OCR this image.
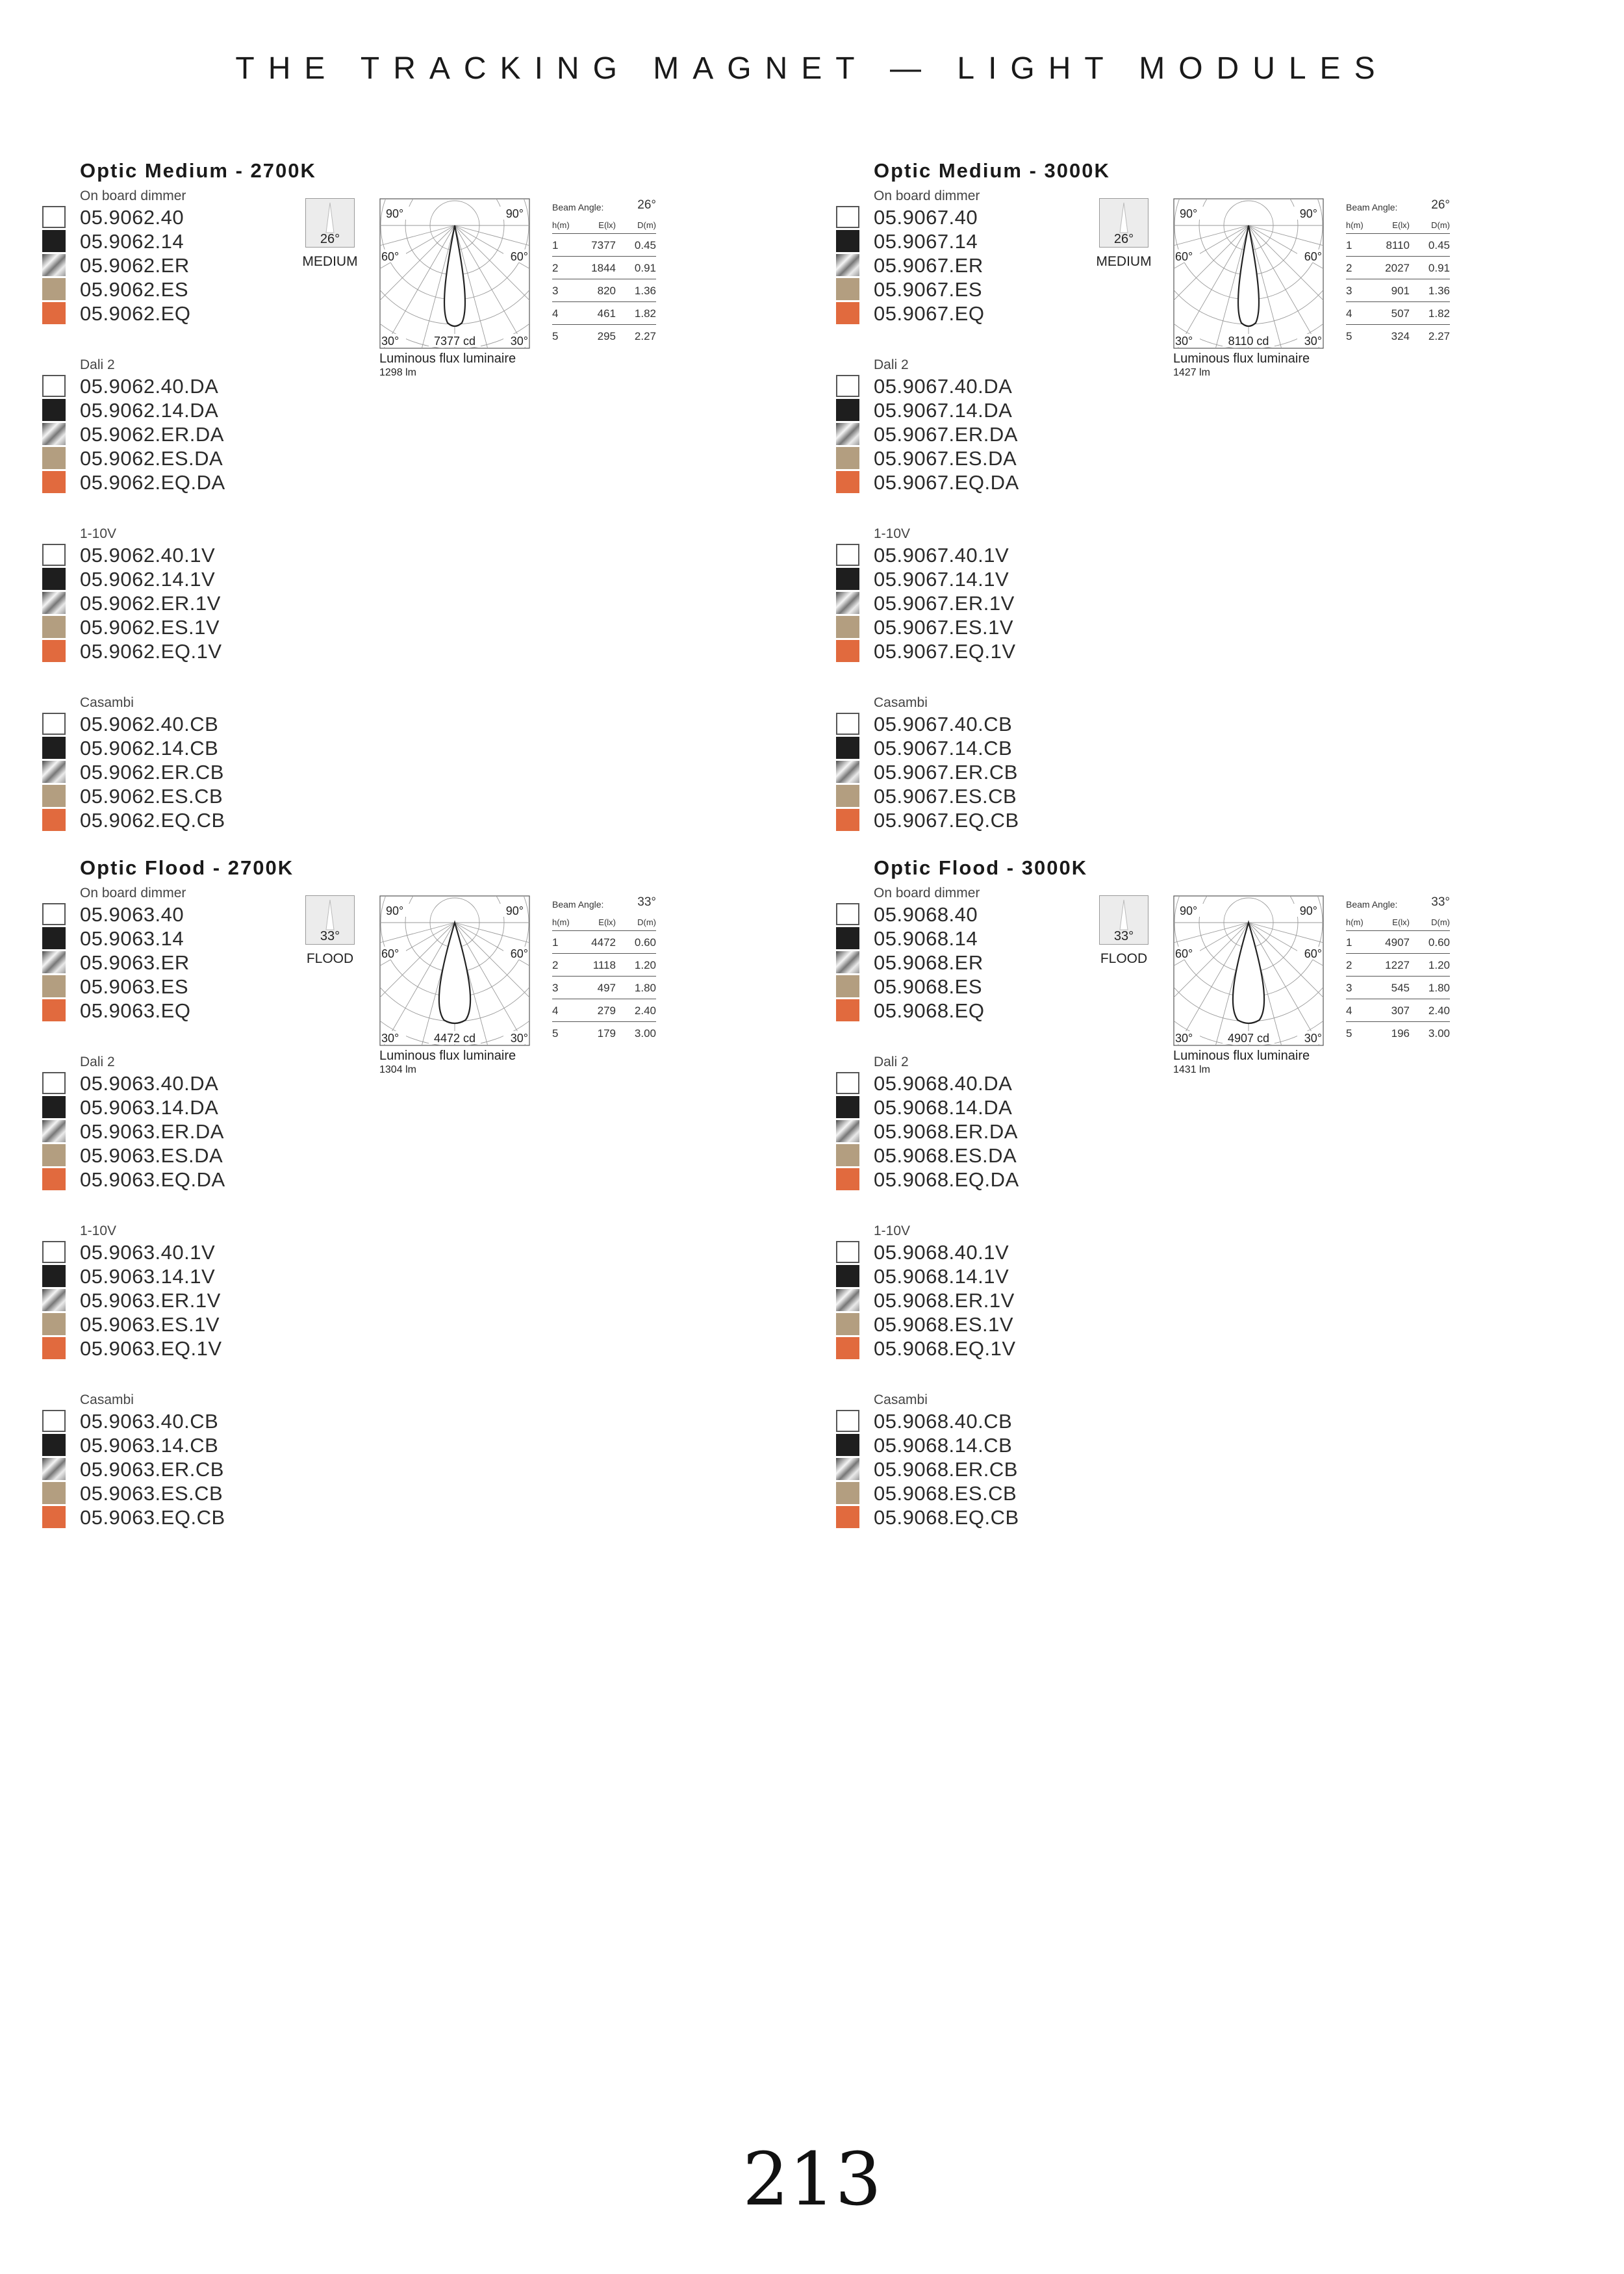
THE TRACKING MAGNET — LIGHT MODULES
Optic Medium - 2700K
On board dimmer
05.9062.40
05.9062.14
05.9062.ER
05.9062.ES
05.9062.EQ
Dali 2
05.9062.40.DA
05.9062.14.DA
05.9062.ER.DA
05.9062.ES.DA
05.9062.EQ.DA
1-10V
05.9062.40.1V
05.9062.14.1V
05.9062.ER.1V
05.9062.ES.1V
05.9062.EQ.1V
Casambi
05.9062.40.CB
05.9062.14.CB
05.9062.ER.CB
05.9062.ES.CB
05.9062.EQ.CB
26°
MEDIUM
90°	90°
60°	60°
30°	30°
7377 cd
Luminous flux luminaire
1298 lm
Beam Angle:	26°
h(m)	E(lx)	D(m)
1	7377 0.45
2	1844 0.91
3	820 1.36
4	461 1.82
5	295 2.27
Optic Medium - 3000K
On board dimmer
05.9067.40
05.9067.14
05.9067.ER
05.9067.ES
05.9067.EQ
Dali 2
05.9067.40.DA
05.9067.14.DA
05.9067.ER.DA
05.9067.ES.DA
05.9067.EQ.DA
1-10V
05.9067.40.1V
05.9067.14.1V
05.9067.ER.1V
05.9067.ES.1V
05.9067.EQ.1V
Casambi
05.9067.40.CB
05.9067.14.CB
05.9067.ER.CB
05.9067.ES.CB
05.9067.EQ.CB
26°
MEDIUM
90°	90°
60°	60°
30°	30°
8110 cd
Luminous flux luminaire
1427 lm
Beam Angle:	26°
h(m)	E(lx)	D(m)
1	8110 0.45
2	2027 0.91
3	901 1.36
4	507 1.82
5	324 2.27
Optic Flood - 2700K
On board dimmer
05.9063.40
05.9063.14
05.9063.ER
05.9063.ES
05.9063.EQ
Dali 2
05.9063.40.DA
05.9063.14.DA
05.9063.ER.DA
05.9063.ES.DA
05.9063.EQ.DA
1-10V
05.9063.40.1V
05.9063.14.1V
05.9063.ER.1V
05.9063.ES.1V
05.9063.EQ.1V
Casambi
05.9063.40.CB
05.9063.14.CB
05.9063.ER.CB
05.9063.ES.CB
05.9063.EQ.CB
33°
FLOOD
90°	90°
60°	60°
30°	30°
4472 cd
Luminous flux luminaire
1304 lm
Beam Angle:	33°
h(m)	E(lx)	D(m)
1	4472 0.60
2	1118 1.20
3	497 1.80
4	279 2.40
5	179 3.00
Optic Flood - 3000K
On board dimmer
05.9068.40
05.9068.14
05.9068.ER
05.9068.ES
05.9068.EQ
Dali 2
05.9068.40.DA
05.9068.14.DA
05.9068.ER.DA
05.9068.ES.DA
05.9068.EQ.DA
1-10V
05.9068.40.1V
05.9068.14.1V
05.9068.ER.1V
05.9068.ES.1V
05.9068.EQ.1V
Casambi
05.9068.40.CB
05.9068.14.CB
05.9068.ER.CB
05.9068.ES.CB
05.9068.EQ.CB
33°
FLOOD
90°	90°
60°	60°
30°	30°
4907 cd
Luminous flux luminaire
1431 lm
Beam Angle:	33°
h(m)	E(lx)	D(m)
1	4907 0.60
2	1227 1.20
3	545 1.80
4	307 2.40
5	196 3.00
213
